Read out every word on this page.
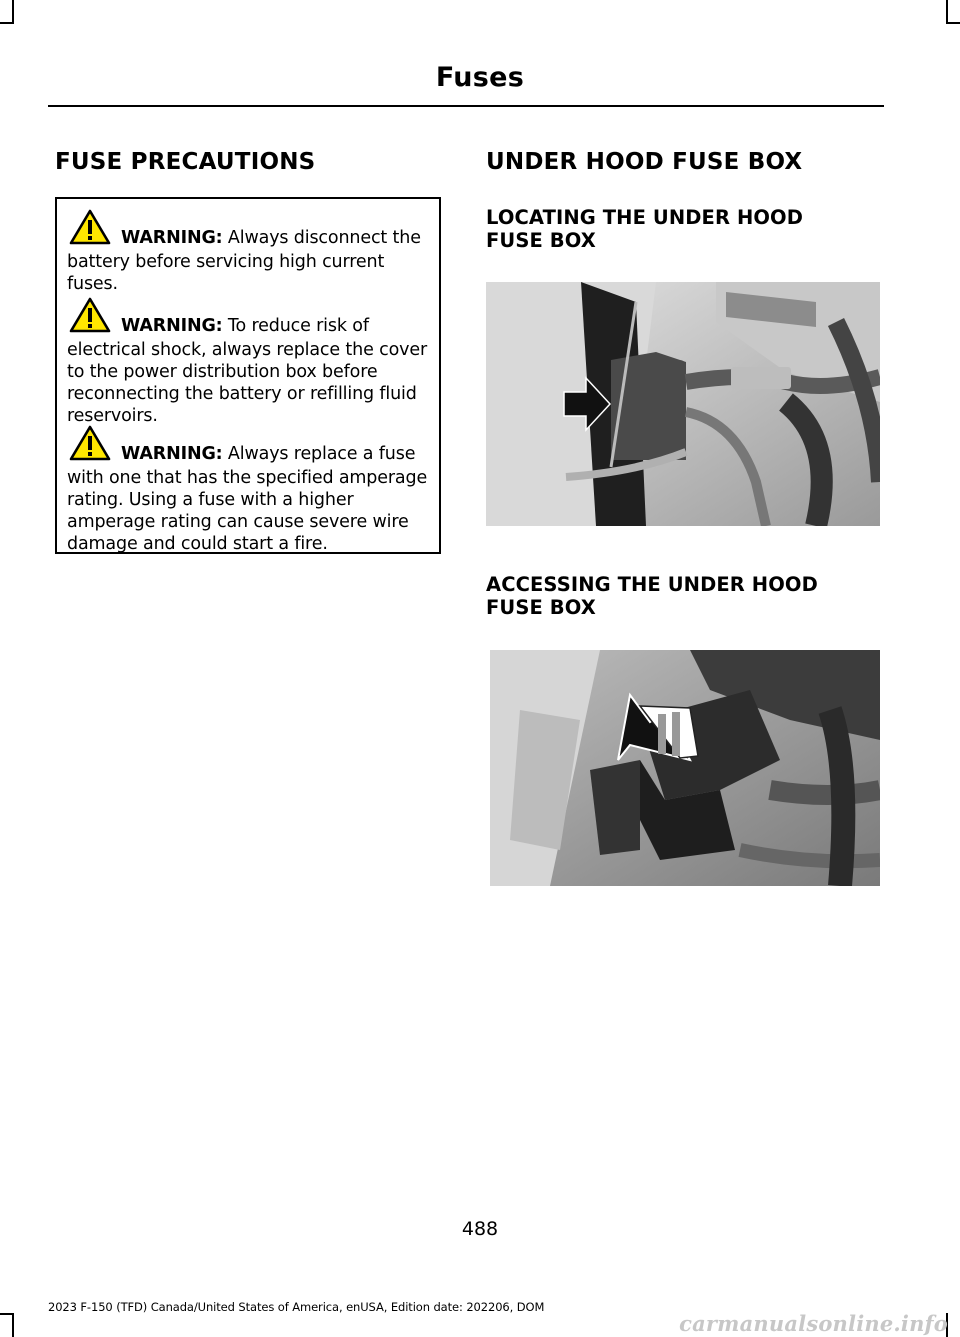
Fuses
FUSE PRECAUTIONS

WARNING: Always disconnect the battery before servicing high current fuses.

WARNING: To reduce risk of electrical shock, always replace the cover to the power distribution box before reconnecting the battery or refilling fluid reservoirs.

WARNING: Always replace a fuse with one that has the specified amperage rating. Using a fuse with a higher amperage rating can cause severe wire damage and could start a fire.

UNDER HOOD FUSE BOX
LOCATING THE UNDER HOOD FUSE BOX
ACCESSING THE UNDER HOOD FUSE BOX
488
2023 F-150 (TFD) Canada/United States of America, enUSA, Edition date: 202206, DOM
carmanualsonline.info
